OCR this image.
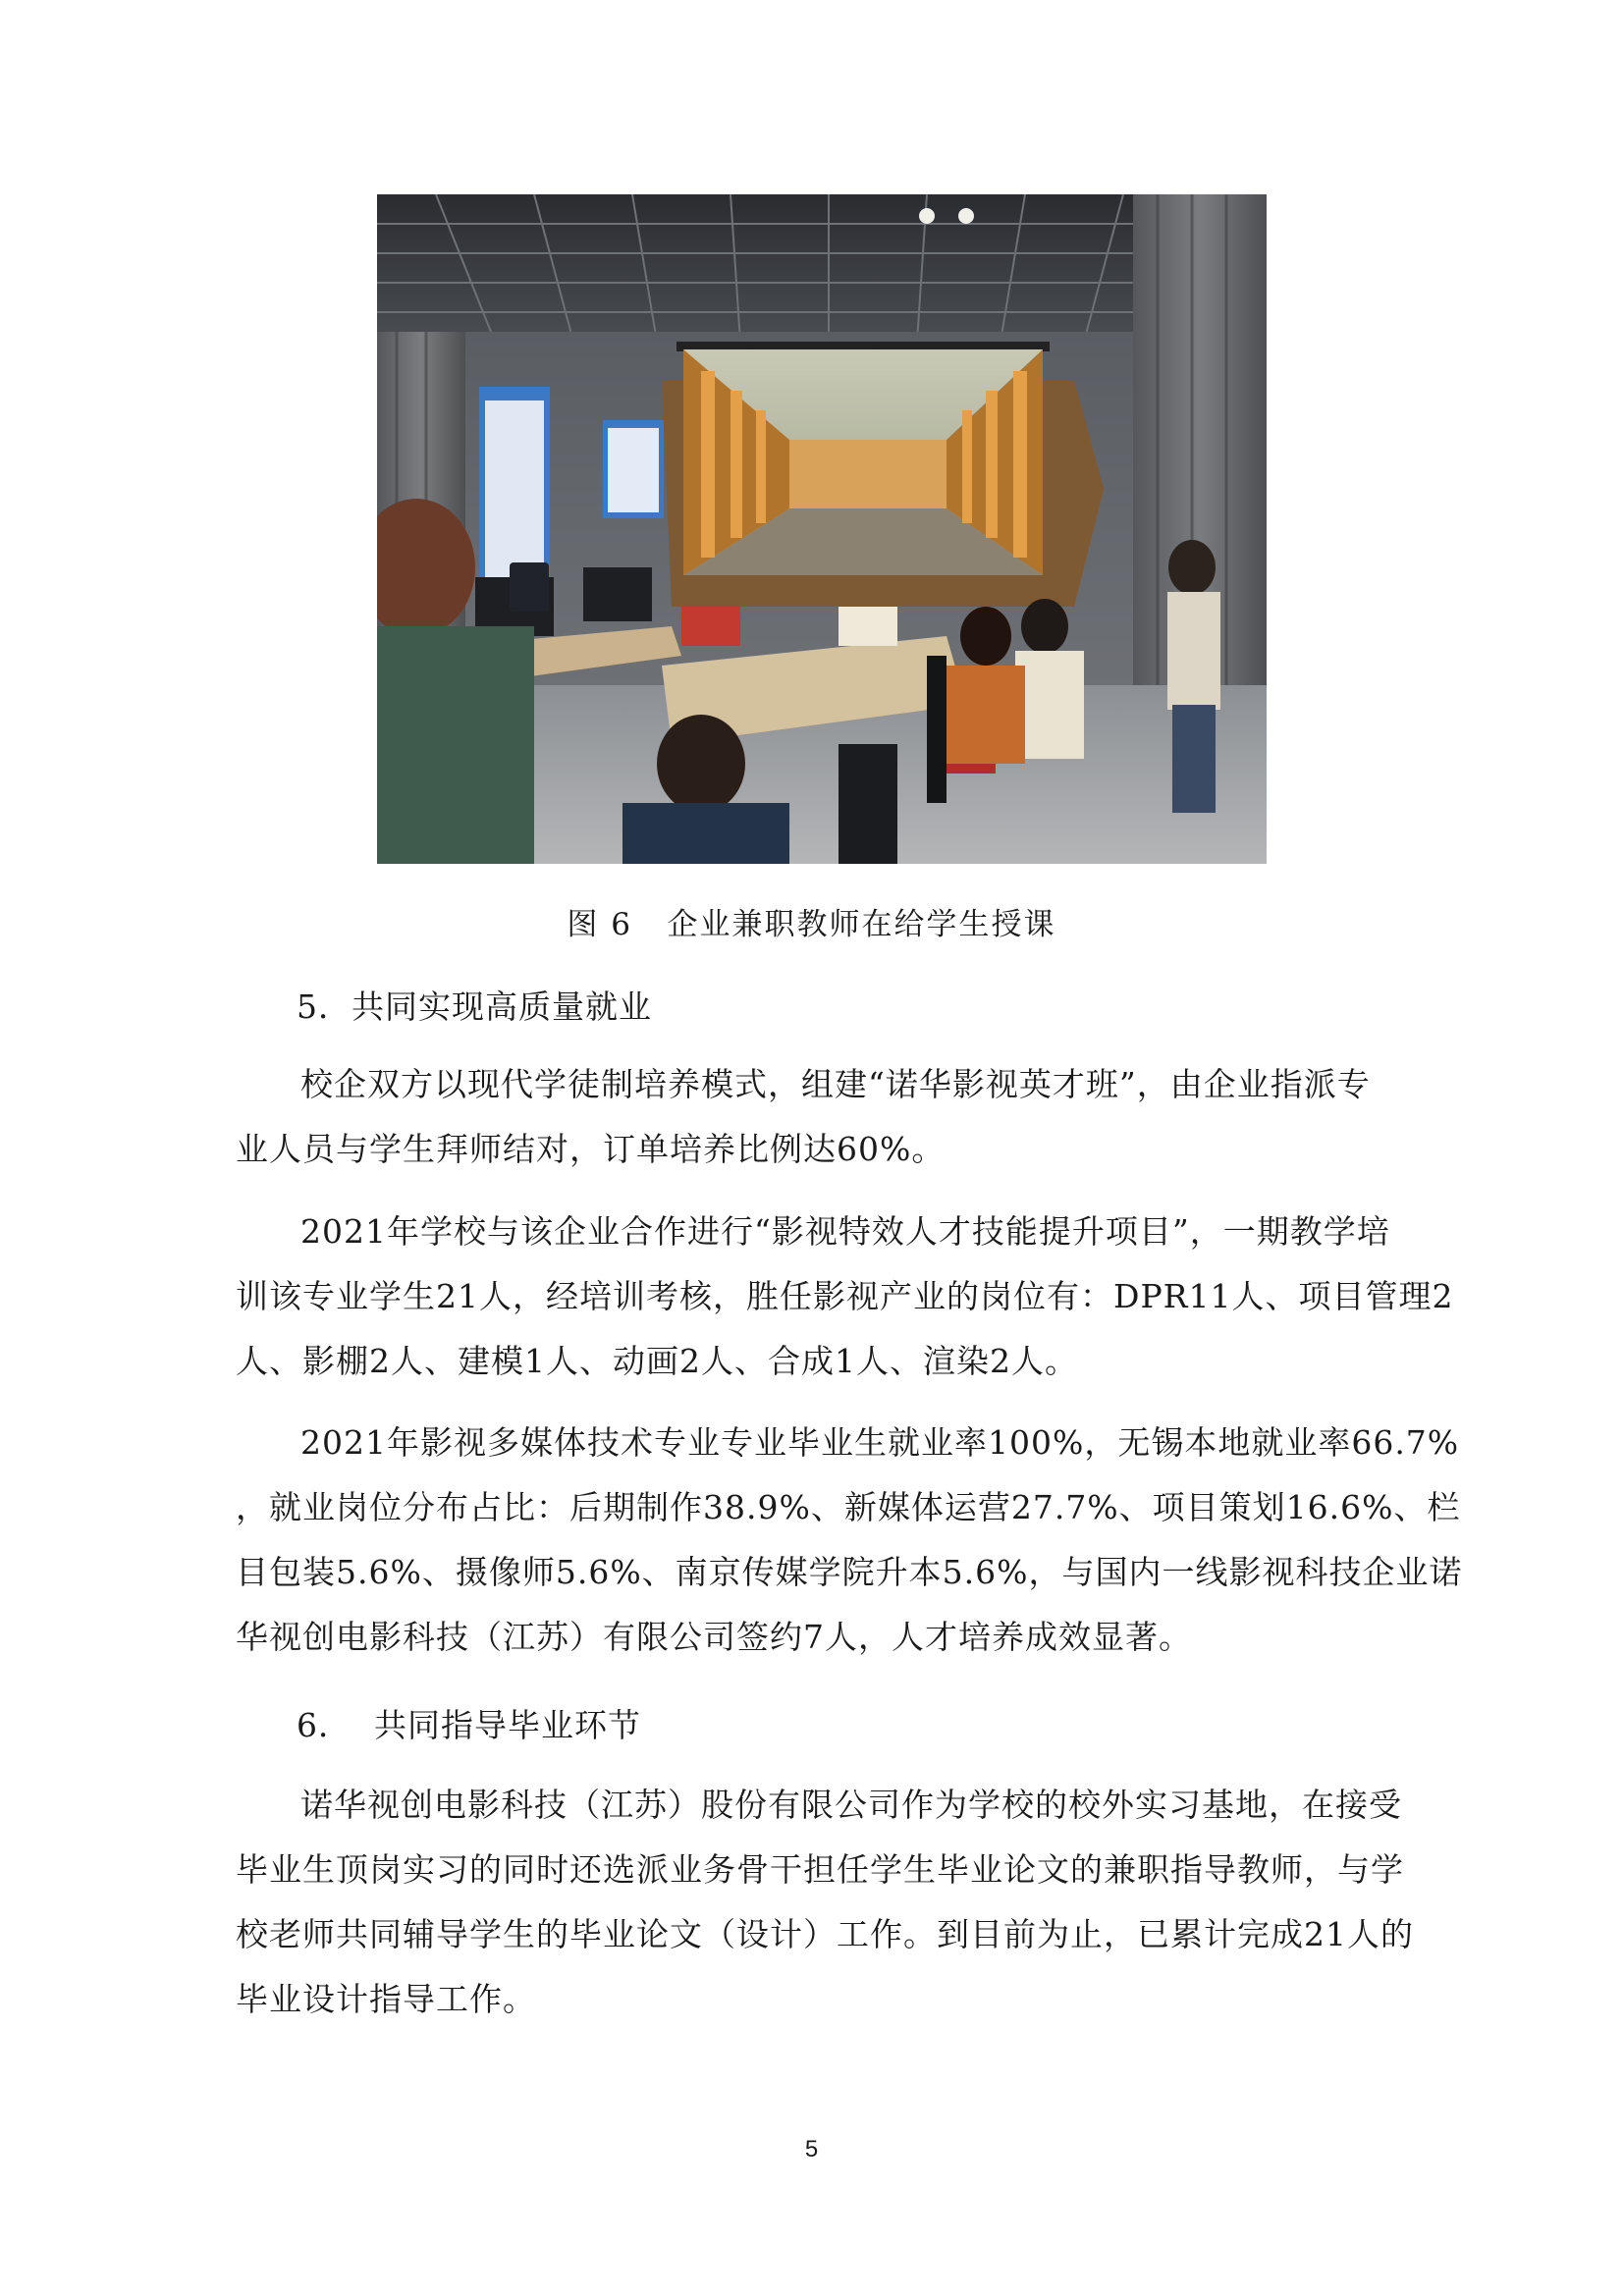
图 6   企业兼职教师在给学生授课
5．共同实现高质量就业

校企双方以现代学徒制培养模式，组建“诺华影视英才班”，由企业指派专
业人员与学生拜师结对，订单培养比例达60%。

2021年学校与该企业合作进行“影视特效人才技能提升项目”，一期教学培
训该专业学生21人，经培训考核，胜任影视产业的岗位有：DPR11人、项目管理2
人、影棚2人、建模1人、动画2人、合成1人、渲染2人。

2021年影视多媒体技术专业专业毕业生就业率100%，无锡本地就业率66.7%
，就业岗位分布占比：后期制作38.9%、新媒体运营27.7%、项目策划16.6%、栏
目包装5.6%、摄像师5.6%、南京传媒学院升本5.6%，与国内一线影视科技企业诺
华视创电影科技（江苏）有限公司签约7人，人才培养成效显著。

6．  共同指导毕业环节

诺华视创电影科技（江苏）股份有限公司作为学校的校外实习基地，在接受
毕业生顶岗实习的同时还选派业务骨干担任学生毕业论文的兼职指导教师，与学
校老师共同辅导学生的毕业论文（设计）工作。到目前为止，已累计完成21人的
毕业设计指导工作。

5
